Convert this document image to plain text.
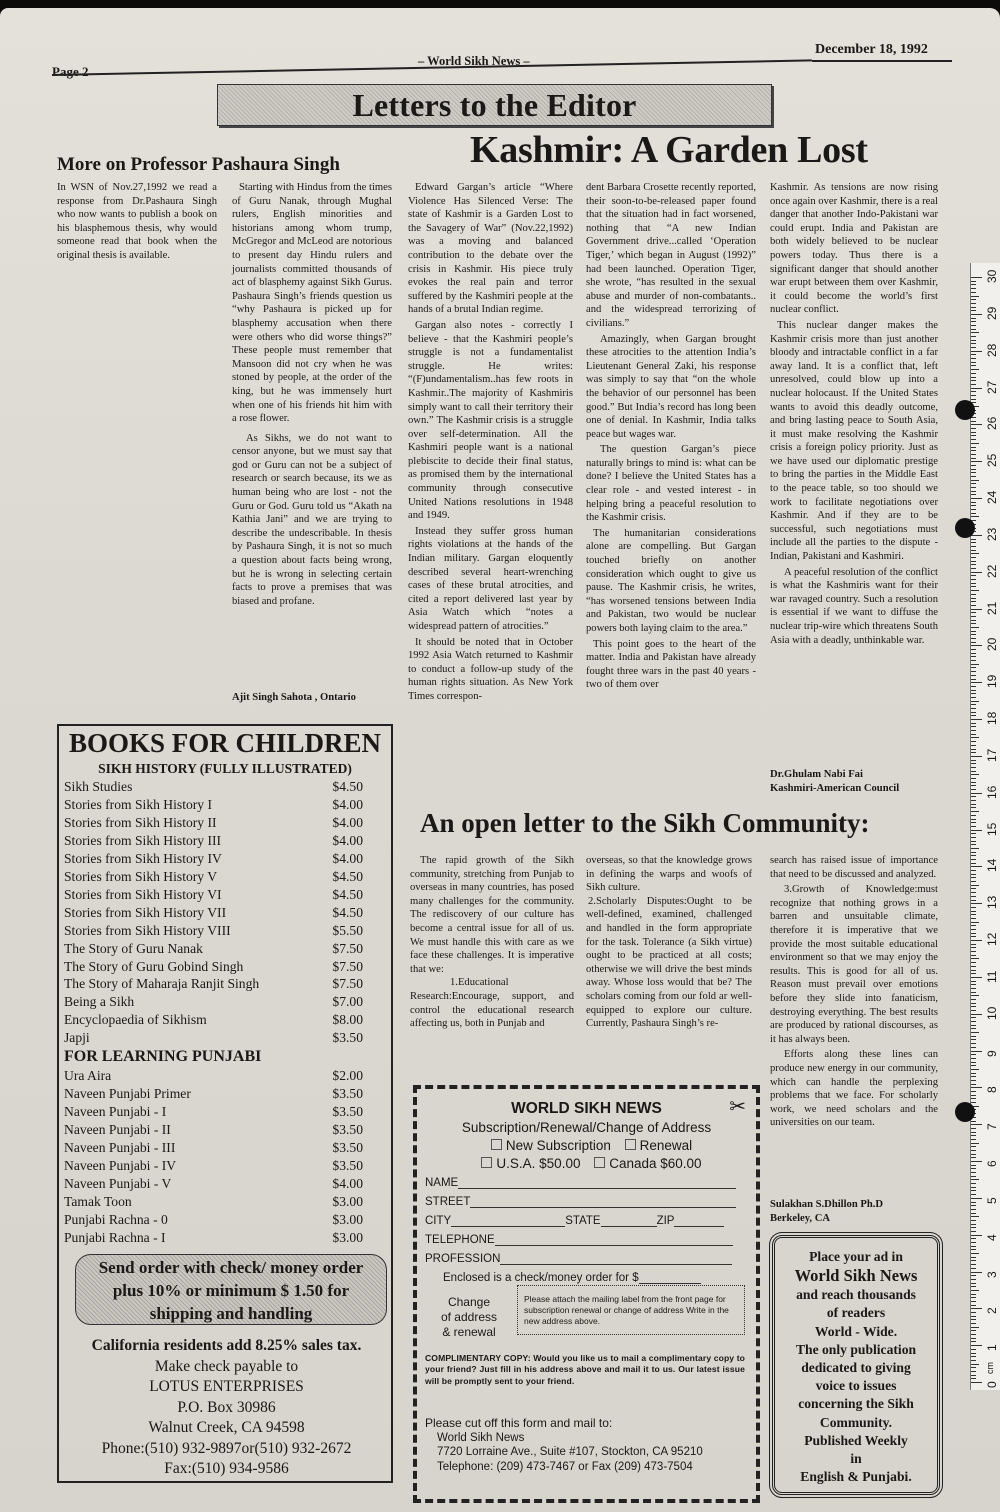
Page 2
– World Sikh News –
December 18, 1992
Letters to the Editor
More on Professor Pashaura Singh

In WSN of Nov.27,1992 we read a response from Dr.Pashaura Singh who now wants to publish a book on his blasphemous thesis, why would someone read that book when the original thesis is available.

Starting with Hindus from the times of Guru Nanak, through Mughal rulers, English minorities and historians among whom trump, McGregor and McLeod are notorious to present day Hindu rulers and journalists committed thousands of act of blasphemy against Sikh Gurus. Pashaura Singh’s friends question us “why Pashaura is picked up for blasphemy accusation when there were others who did worse things?” These people must remember that Mansoon did not cry when he was stoned by people, at the order of the king, but he was immensely hurt when one of his friends hit him with a rose flower.

As Sikhs, we do not want to censor anyone, but we must say that god or Guru can not be a subject of research or search because, its we as human being who are lost - not the Guru or God. Guru told us “Akath na Kathia Jani” and we are trying to describe the undescribable. In thesis by Pashaura Singh, it is not so much a question about facts being wrong, but he is wrong in selecting certain facts to prove a premises that was biased and profane.

Ajit Singh Sahota , Ontario
Kashmir: A Garden Lost

Edward Gargan’s article “Where Violence Has Silenced Verse: The state of Kashmir is a Garden Lost to the Savagery of War” (Nov.22,1992) was a moving and balanced contribution to the debate over the crisis in Kashmir. His piece truly evokes the real pain and terror suffered by the Kashmiri people at the hands of a brutal Indian regime.

Gargan also notes - correctly I believe - that the Kashmiri people’s struggle is not a fundamentalist struggle. He writes: “(F)undamentalism..has few roots in Kashmir..The majority of Kashmiris simply want to call their territory their own.” The Kashmir crisis is a struggle over self-determination. All the Kashmiri people want is a national plebiscite to decide their final status, as promised them by the international community through consecutive United Nations resolutions in 1948 and 1949.

Instead they suffer gross human rights violations at the hands of the Indian military. Gargan eloquently described several heart-wrenching cases of these brutal atrocities, and cited a report delivered last year by Asia Watch which “notes a widespread pattern of atrocities.”

It should be noted that in October 1992 Asia Watch returned to Kashmir to conduct a follow-up study of the human rights situation. As New York Times correspon-

dent Barbara Crosette recently reported, their soon-to-be-released paper found that the situation had in fact worsened, nothing that “A new Indian Government drive...called ‘Operation Tiger,’ which began in August (1992)” had been launched. Operation Tiger, she wrote, “has resulted in the sexual abuse and murder of non-combatants.. and the widespread terrorizing of civilians.”

Amazingly, when Gargan brought these atrocities to the attention India’s Lieutenant General Zaki, his response was simply to say that “on the whole the behavior of our personnel has been good.” But India’s record has long been one of denial. In Kashmir, India talks peace but wages war.

The question Gargan’s piece naturally brings to mind is: what can be done? I believe the United States has a clear role - and vested interest - in helping bring a peaceful resolution to the Kashmir crisis.

The humanitarian considerations alone are compelling. But Gargan touched briefly on another consideration which ought to give us pause. The Kashmir crisis, he writes, “has worsened tensions between India and Pakistan, two would be nuclear powers both laying claim to the area.”

This point goes to the heart of the matter. India and Pakistan have already fought three wars in the past 40 years - two of them over

Kashmir. As tensions are now rising once again over Kashmir, there is a real danger that another Indo-Pakistani war could erupt. India and Pakistan are both widely believed to be nuclear powers today. Thus there is a significant danger that should another war erupt between them over Kashmir, it could become the world’s first nuclear conflict.

This nuclear danger makes the Kashmir crisis more than just another bloody and intractable conflict in a far away land. It is a conflict that, left unresolved, could blow up into a nuclear holocaust. If the United States wants to avoid this deadly outcome, and bring lasting peace to South Asia, it must make resolving the Kashmir crisis a foreign policy priority. Just as we have used our diplomatic prestige to bring the parties in the Middle East to the peace table, so too should we work to facilitate negotiations over Kashmir. And if they are to be successful, such negotiations must include all the parties to the dispute - Indian, Pakistani and Kashmiri.

A peaceful resolution of the conflict is what the Kashmiris want for their war ravaged country. Such a resolution is essential if we want to diffuse the nuclear trip-wire which threatens South Asia with a deadly, unthinkable war.

Dr.Ghulam Nabi Fai
Kashmiri-American Council
BOOKS FOR CHILDREN
SIKH HISTORY (FULLY ILLUSTRATED)
Sikh Studies	$4.50
Stories from Sikh History I	$4.00
Stories from Sikh History II	$4.00
Stories from Sikh History III	$4.00
Stories from Sikh History IV	$4.00
Stories from Sikh History V	$4.50
Stories from Sikh History VI	$4.50
Stories from Sikh History VII	$4.50
Stories from Sikh History VIII	$5.50
The Story of Guru Nanak	$7.50
The Story of Guru Gobind Singh	$7.50
The Story of Maharaja Ranjit Singh	$7.50
Being a Sikh	$7.00
Encyclopaedia of Sikhism	$8.00
Japji	$3.50
FOR LEARNING PUNJABI
Ura Aira	$2.00
Naveen Punjabi Primer	$3.50
Naveen Punjabi - I	$3.50
Naveen Punjabi - II	$3.50
Naveen Punjabi - III	$3.50
Naveen Punjabi - IV	$3.50
Naveen Punjabi - V	$4.00
Tamak Toon	$3.00
Punjabi Rachna - 0	$3.00
Punjabi Rachna - I	$3.00
Send order with check/ money order
plus 10% or minimum $ 1.50 for
shipping and handling
California residents add 8.25% sales tax.
Make check payable to
LOTUS ENTERPRISES
P.O. Box 30986
Walnut Creek, CA 94598
Phone:(510) 932-9897or(510) 932-2672
Fax:(510) 934-9586
An open letter to the Sikh Community:

The rapid growth of the Sikh community, stretching from Punjab to overseas in many countries, has posed many challenges for the community. The rediscovery of our culture has become a central issue for all of us. We must handle this with care as we face these challenges. It is imperative that we:

1.Educational Research:Encourage, support, and control the educational research affecting us, both in Punjab and

overseas, so that the knowledge grows in defining the warps and woofs of Sikh culture.

2.Scholarly Disputes:Ought to be well-defined, examined, challenged and handled in the form appropriate for the task. Tolerance (a Sikh virtue) ought to be practiced at all costs; otherwise we will drive the best minds away. Whose loss would that be? The scholars coming from our fold ar well-equipped to explore our culture. Currently, Pashaura Singh’s re-

search has raised issue of importance that need to be discussed and analyzed.

3.Growth of Knowledge:must recognize that nothing grows in a barren and unsuitable climate, therefore it is imperative that we provide the most suitable educational environment so that we may enjoy the results. This is good for all of us. Reason must prevail over emotions before they slide into fanaticism, destroying everything. The best results are produced by rational discourses, as it has always been.

Efforts along these lines can produce new energy in our community, which can handle the perplexing problems that we face. For scholarly work, we need scholars and the universities on our team.

Sulakhan S.Dhillon Ph.D
Berkeley, CA
✂
WORLD SIKH NEWS
Subscription/Renewal/Change of Address
New Subscription Renewal
U.S.A. $50.00 Canada $60.00
NAME
STREET
CITY	STATE	ZIP
TELEPHONE
PROFESSION
Enclosed is a check/money order for $
Change
of address
& renewal
Please attach the mailing label from the front page for subscription renewal or change of address Write in the new address above.
COMPLIMENTARY COPY: Would you like us to mail a complimentary copy to your friend? Just fill in his address above and mail it to us. Our latest issue will be promptly sent to your friend.
Please cut off this form and mail to:
World Sikh News
7720 Lorraine Ave., Suite #107, Stockton, CA 95210
Telephone: (209) 473-7467 or Fax (209) 473-7504
Place your ad in
World Sikh News
and reach thousands
of readers
World - Wide.
The only publication
dedicated to giving
voice to issues
concerning the Sikh
Community.
Published Weekly
in
English & Punjabi.
0
1
2
3
4
5
6
7
8
9
10
11
12
13
14
15
16
17
18
19
20
21
22
23
24
25
26
27
28
29
30
cm
